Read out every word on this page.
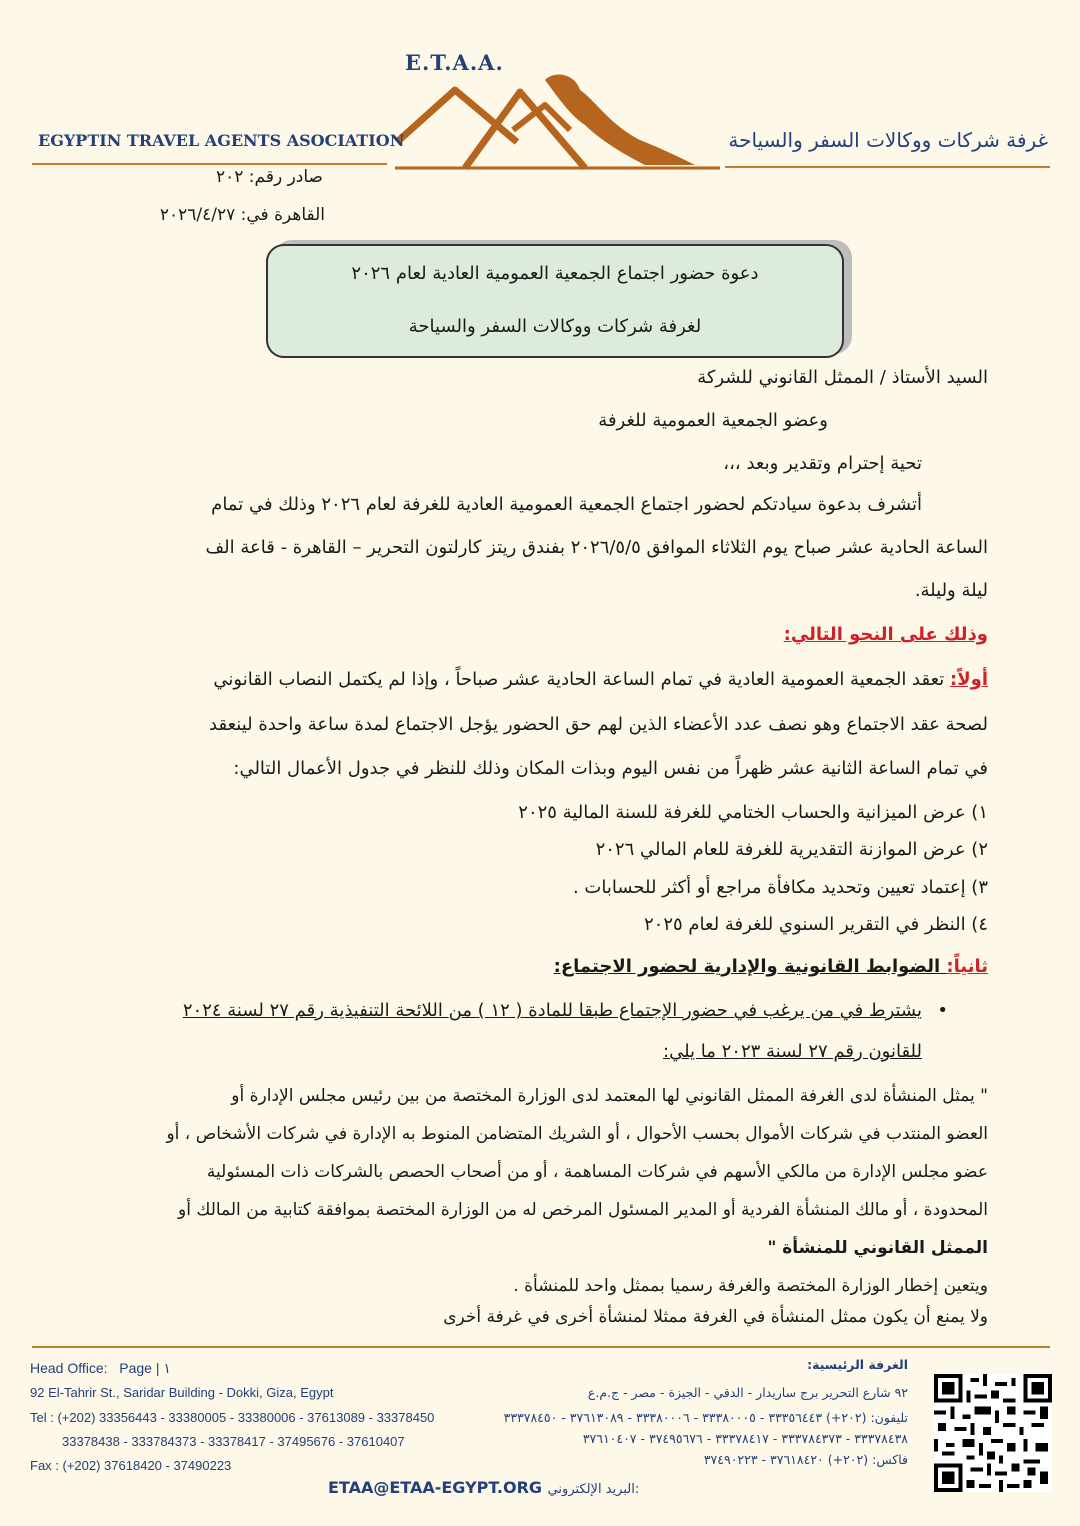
E.T.A.A.
EGYPTIN TRAVEL AGENTS ASOCIATION	غرفة شركات ووكالات السفر والسياحة
صادر رقم: ٢٠٢
القاهرة في: ٢٠٢٦/٤/٢٧
دعوة حضور اجتماع الجمعية العمومية العادية لعام ٢٠٢٦
لغرفة شركات ووكالات السفر والسياحة
السيد الأستاذ / الممثل القانوني للشركة
وعضو الجمعية العمومية للغرفة
تحية إحترام وتقدير وبعد ،،،
أتشرف بدعوة سيادتكم لحضور اجتماع الجمعية العمومية العادية للغرفة لعام ٢٠٢٦ وذلك في تمام
الساعة الحادية عشر صباح يوم الثلاثاء الموافق ٢٠٢٦/٥/٥ بفندق ريتز كارلتون التحرير – القاهرة - قاعة الف
ليلة وليلة.
وذلك على النحو التالي:
أولاً: تعقد الجمعية العمومية العادية في تمام الساعة الحادية عشر صباحاً ، وإذا لم يكتمل النصاب القانوني
لصحة عقد الاجتماع وهو نصف عدد الأعضاء الذين لهم حق الحضور يؤجل الاجتماع لمدة ساعة واحدة لينعقد
في تمام الساعة الثانية عشر ظهراً من نفس اليوم وبذات المكان وذلك للنظر في جدول الأعمال التالي:
١) عرض الميزانية والحساب الختامي للغرفة للسنة المالية ٢٠٢٥
٢) عرض الموازنة التقديرية للغرفة للعام المالي ٢٠٢٦
٣) إعتماد تعيين وتحديد مكافأة مراجع أو أكثر للحسابات .
٤) النظر في التقرير السنوي للغرفة لعام ٢٠٢٥
ثانياً: الضوابط القانونية والإدارية لحضور الاجتماع:
•
يشترط في من يرغب في حضور الإجتماع طبقا للمادة ( ١٢ ) من اللائحة التنفيذية رقم ٢٧ لسنة ٢٠٢٤
للقانون رقم ٢٧ لسنة ٢٠٢٣ ما يلي:
" يمثل المنشأة لدى الغرفة الممثل القانوني لها المعتمد لدى الوزارة المختصة من بين رئيس مجلس الإدارة أو
العضو المنتدب في شركات الأموال بحسب الأحوال ، أو الشريك المتضامن المنوط به الإدارة في شركات الأشخاص ، أو
عضو مجلس الإدارة من مالكي الأسهم في شركات المساهمة ، أو من أصحاب الحصص بالشركات ذات المسئولية
المحدودة ، أو مالك المنشأة الفردية أو المدير المسئول المرخص له من الوزارة المختصة بموافقة كتابية من المالك أو
الممثل القانوني للمنشأة "
ويتعين إخطار الوزارة المختصة والغرفة رسميا بممثل واحد للمنشأة .
ولا يمنع أن يكون ممثل المنشأة في الغرفة ممثلا لمنشأة أخرى في غرفة أخرى
Head Office: Page | ١
92 El-Tahrir St., Saridar Building - Dokki, Giza, Egypt
Tel : (+202) 33356443 - 33380005 - 33380006 - 37613089 - 33378450
33378438 - 333784373 - 33378417 - 37495676 - 37610407
Fax : (+202) 37618420 - 37490223
ETAA@ETAA-EGYPT.ORG البريد الإلكتروني:
الغرفة الرئيسية:
٩٢ شارع التحرير برج ساريدار - الدقي - الجيزة - مصر - ج.م.ع
تليفون: (٢٠٢+) ٣٣٣٥٦٤٤٣ - ٣٣٣٨٠٠٠٥ - ٣٣٣٨٠٠٠٦ - ٣٧٦١٣٠٨٩ - ٣٣٣٧٨٤٥٠
٣٣٣٧٨٤٣٨ - ٣٣٣٧٨٤٣٧٣ - ٣٣٣٧٨٤١٧ - ٣٧٤٩٥٦٧٦ - ٣٧٦١٠٤٠٧
فاكس: (٢٠٢+) ٣٧٦١٨٤٢٠ - ٣٧٤٩٠٢٢٣
